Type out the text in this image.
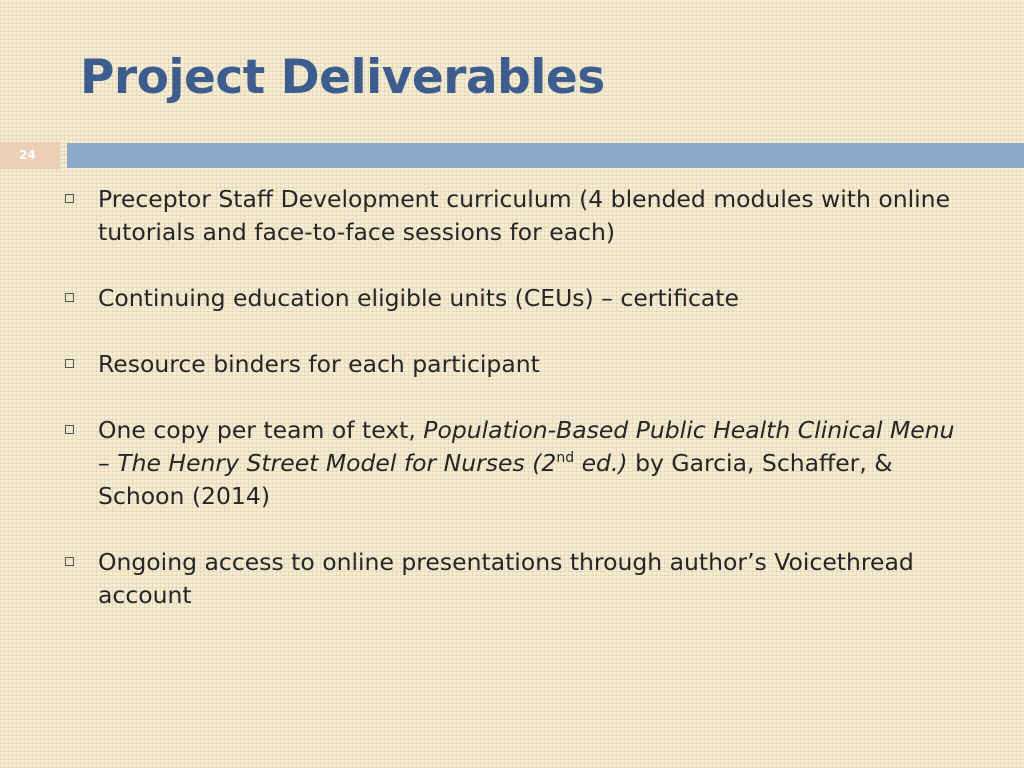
Project Deliverables
24
Preceptor Staff Development curriculum (4 blended modules with online tutorials and face-to-face sessions for each)
Continuing education eligible units (CEUs) – certificate
Resource binders for each participant
One copy per team of text, Population-Based Public Health Clinical Menu – The Henry Street Model for Nurses (2nd ed.) by Garcia, Schaffer, & Schoon (2014)
Ongoing access to online presentations through author’s Voicethread account
